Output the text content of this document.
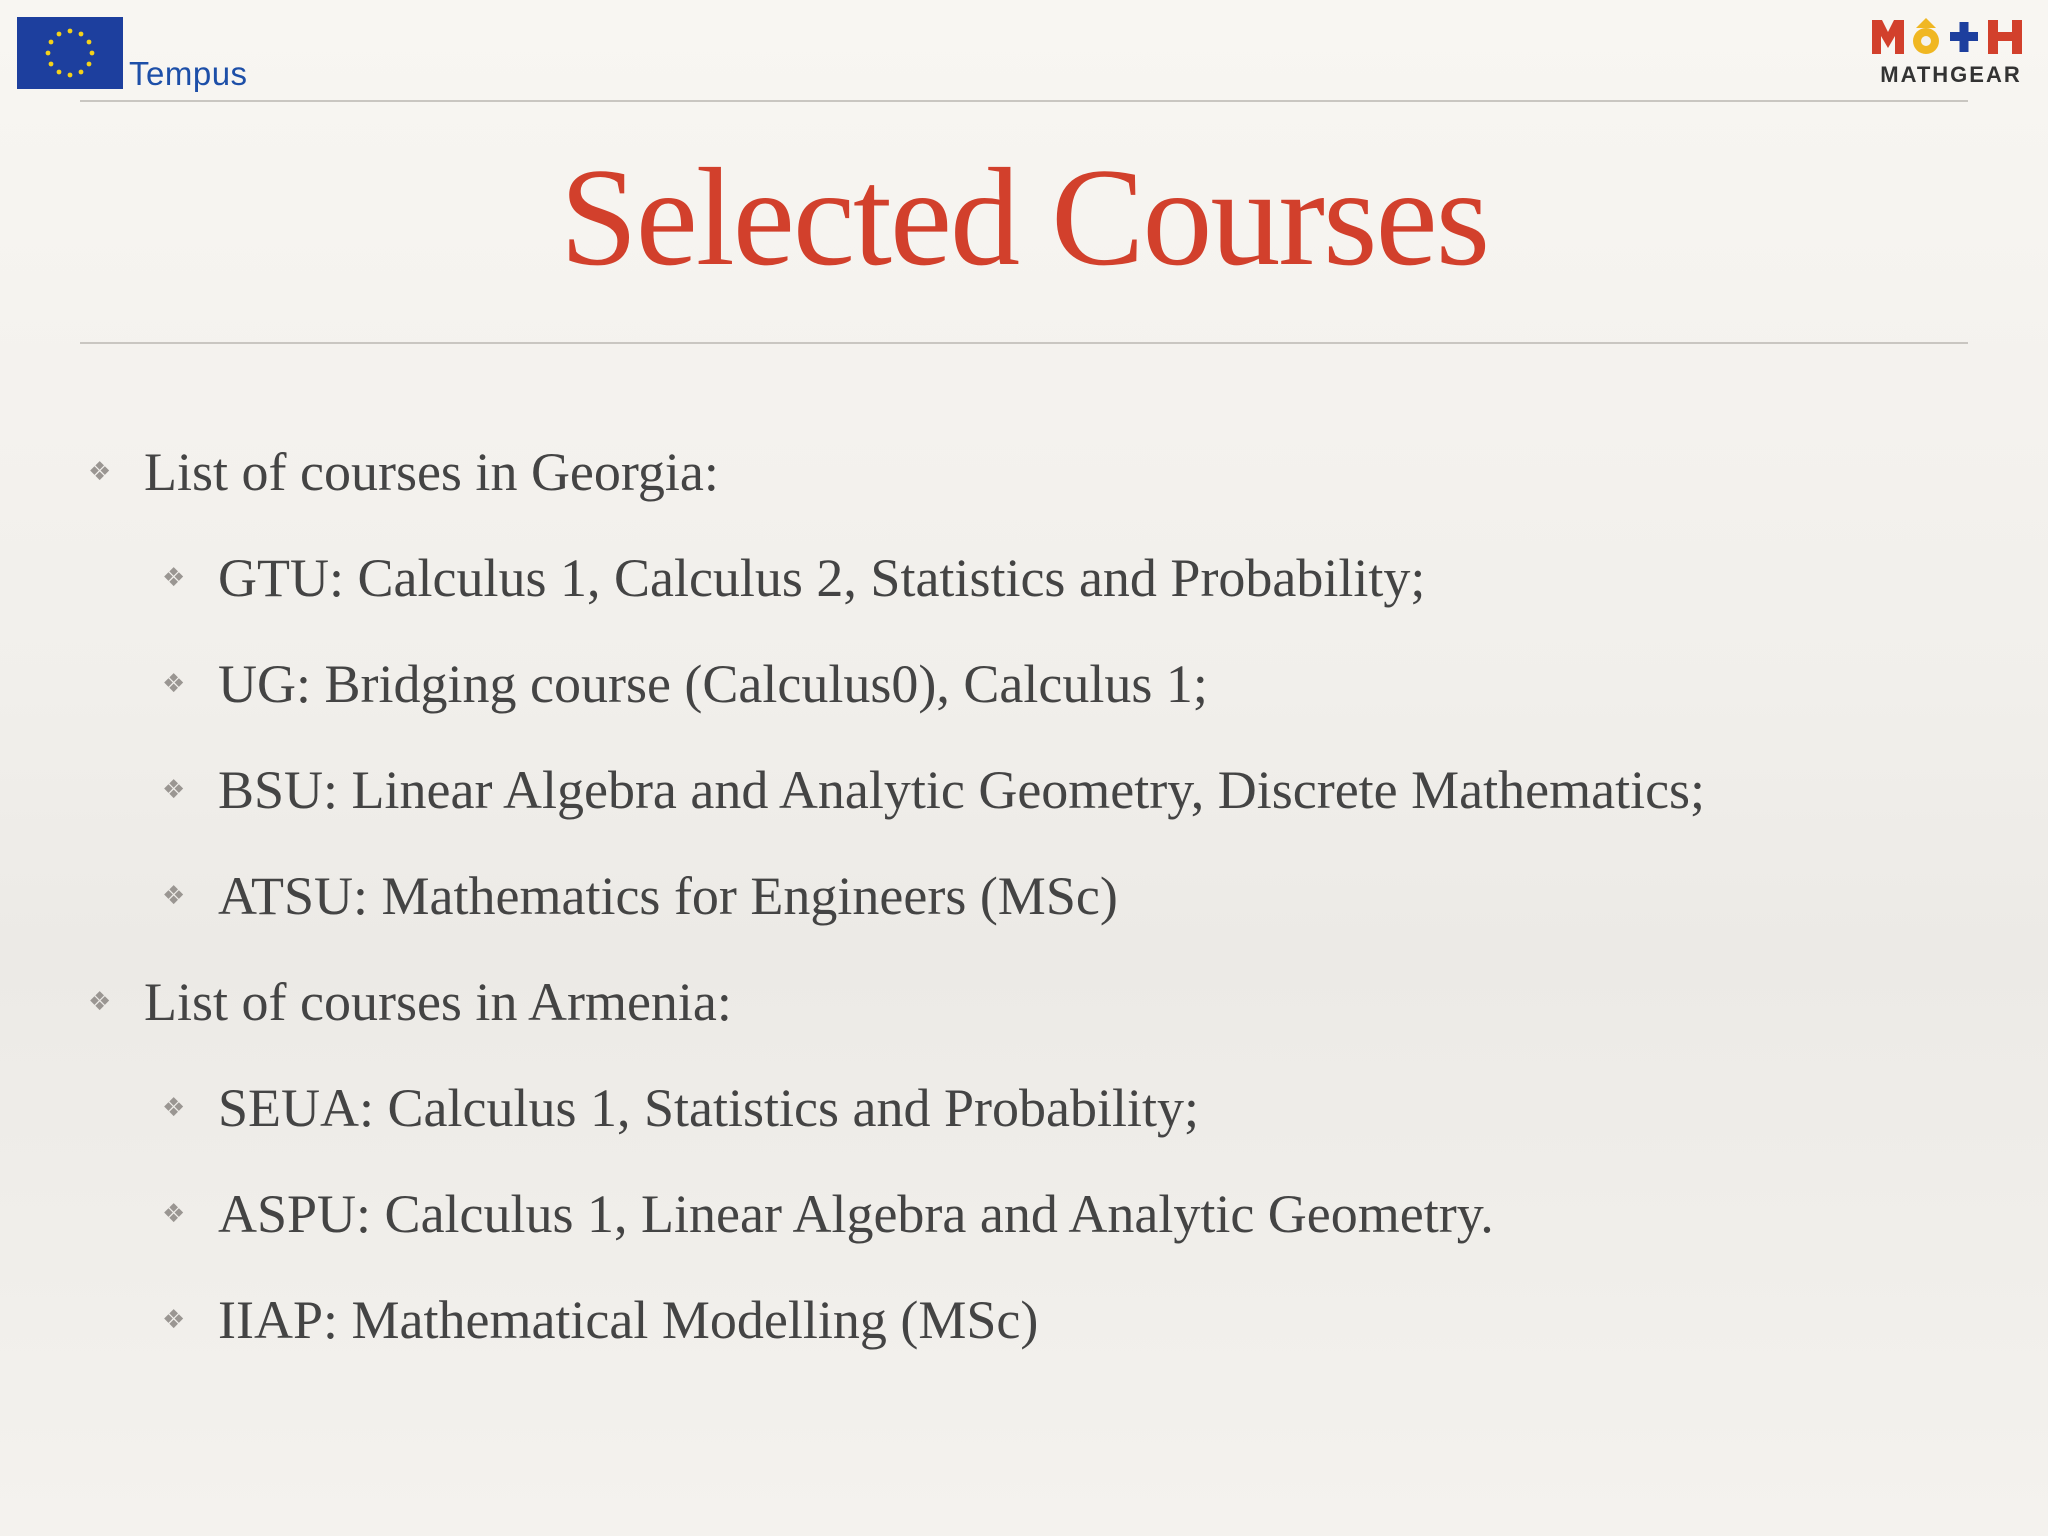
Tempus	MATHGEAR
Selected Courses
❖ List of courses in Georgia:
❖ GTU: Calculus 1, Calculus 2, Statistics and Probability;
❖ UG: Bridging course (Calculus0), Calculus 1;
❖ BSU: Linear Algebra and Analytic Geometry, Discrete Mathematics;
❖ ATSU: Mathematics for Engineers (MSc)
❖ List of courses in Armenia:
❖ SEUA: Calculus 1, Statistics and Probability;
❖ ASPU: Calculus 1, Linear Algebra and Analytic Geometry.
❖ IIAP: Mathematical Modelling (MSc)
